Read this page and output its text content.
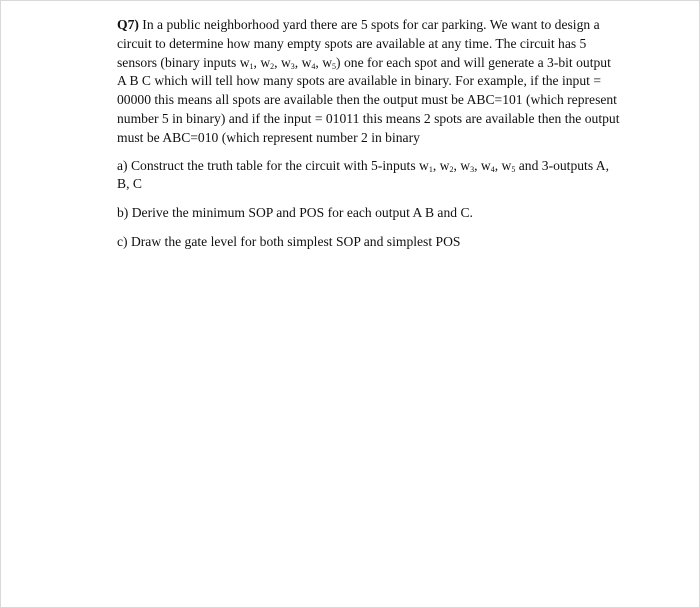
Q7) In a public neighborhood yard there are 5 spots for car parking. We want to design a circuit to determine how many empty spots are available at any time. The circuit has 5 sensors (binary inputs $w_1$, $w_2$, $w_3$, $w_4$, $w_5$) one for each spot and will generate a 3-bit output A B C which will tell how many spots are available in binary. For example, if the input = 00000 this means all spots are available then the output must be ABC=101 (which represent number 5 in binary) and if the input = 01011 this means 2 spots are available then the output must be ABC=010 (which represent number 2 in binary

a) Construct the truth table for the circuit with 5-inputs $w_1$, $w_2$, $w_3$, $w_4$, $w_5$ and 3-outputs A, B, C

b) Derive the minimum SOP and POS for each output A B and C.

c) Draw the gate level for both simplest SOP and simplest POS
